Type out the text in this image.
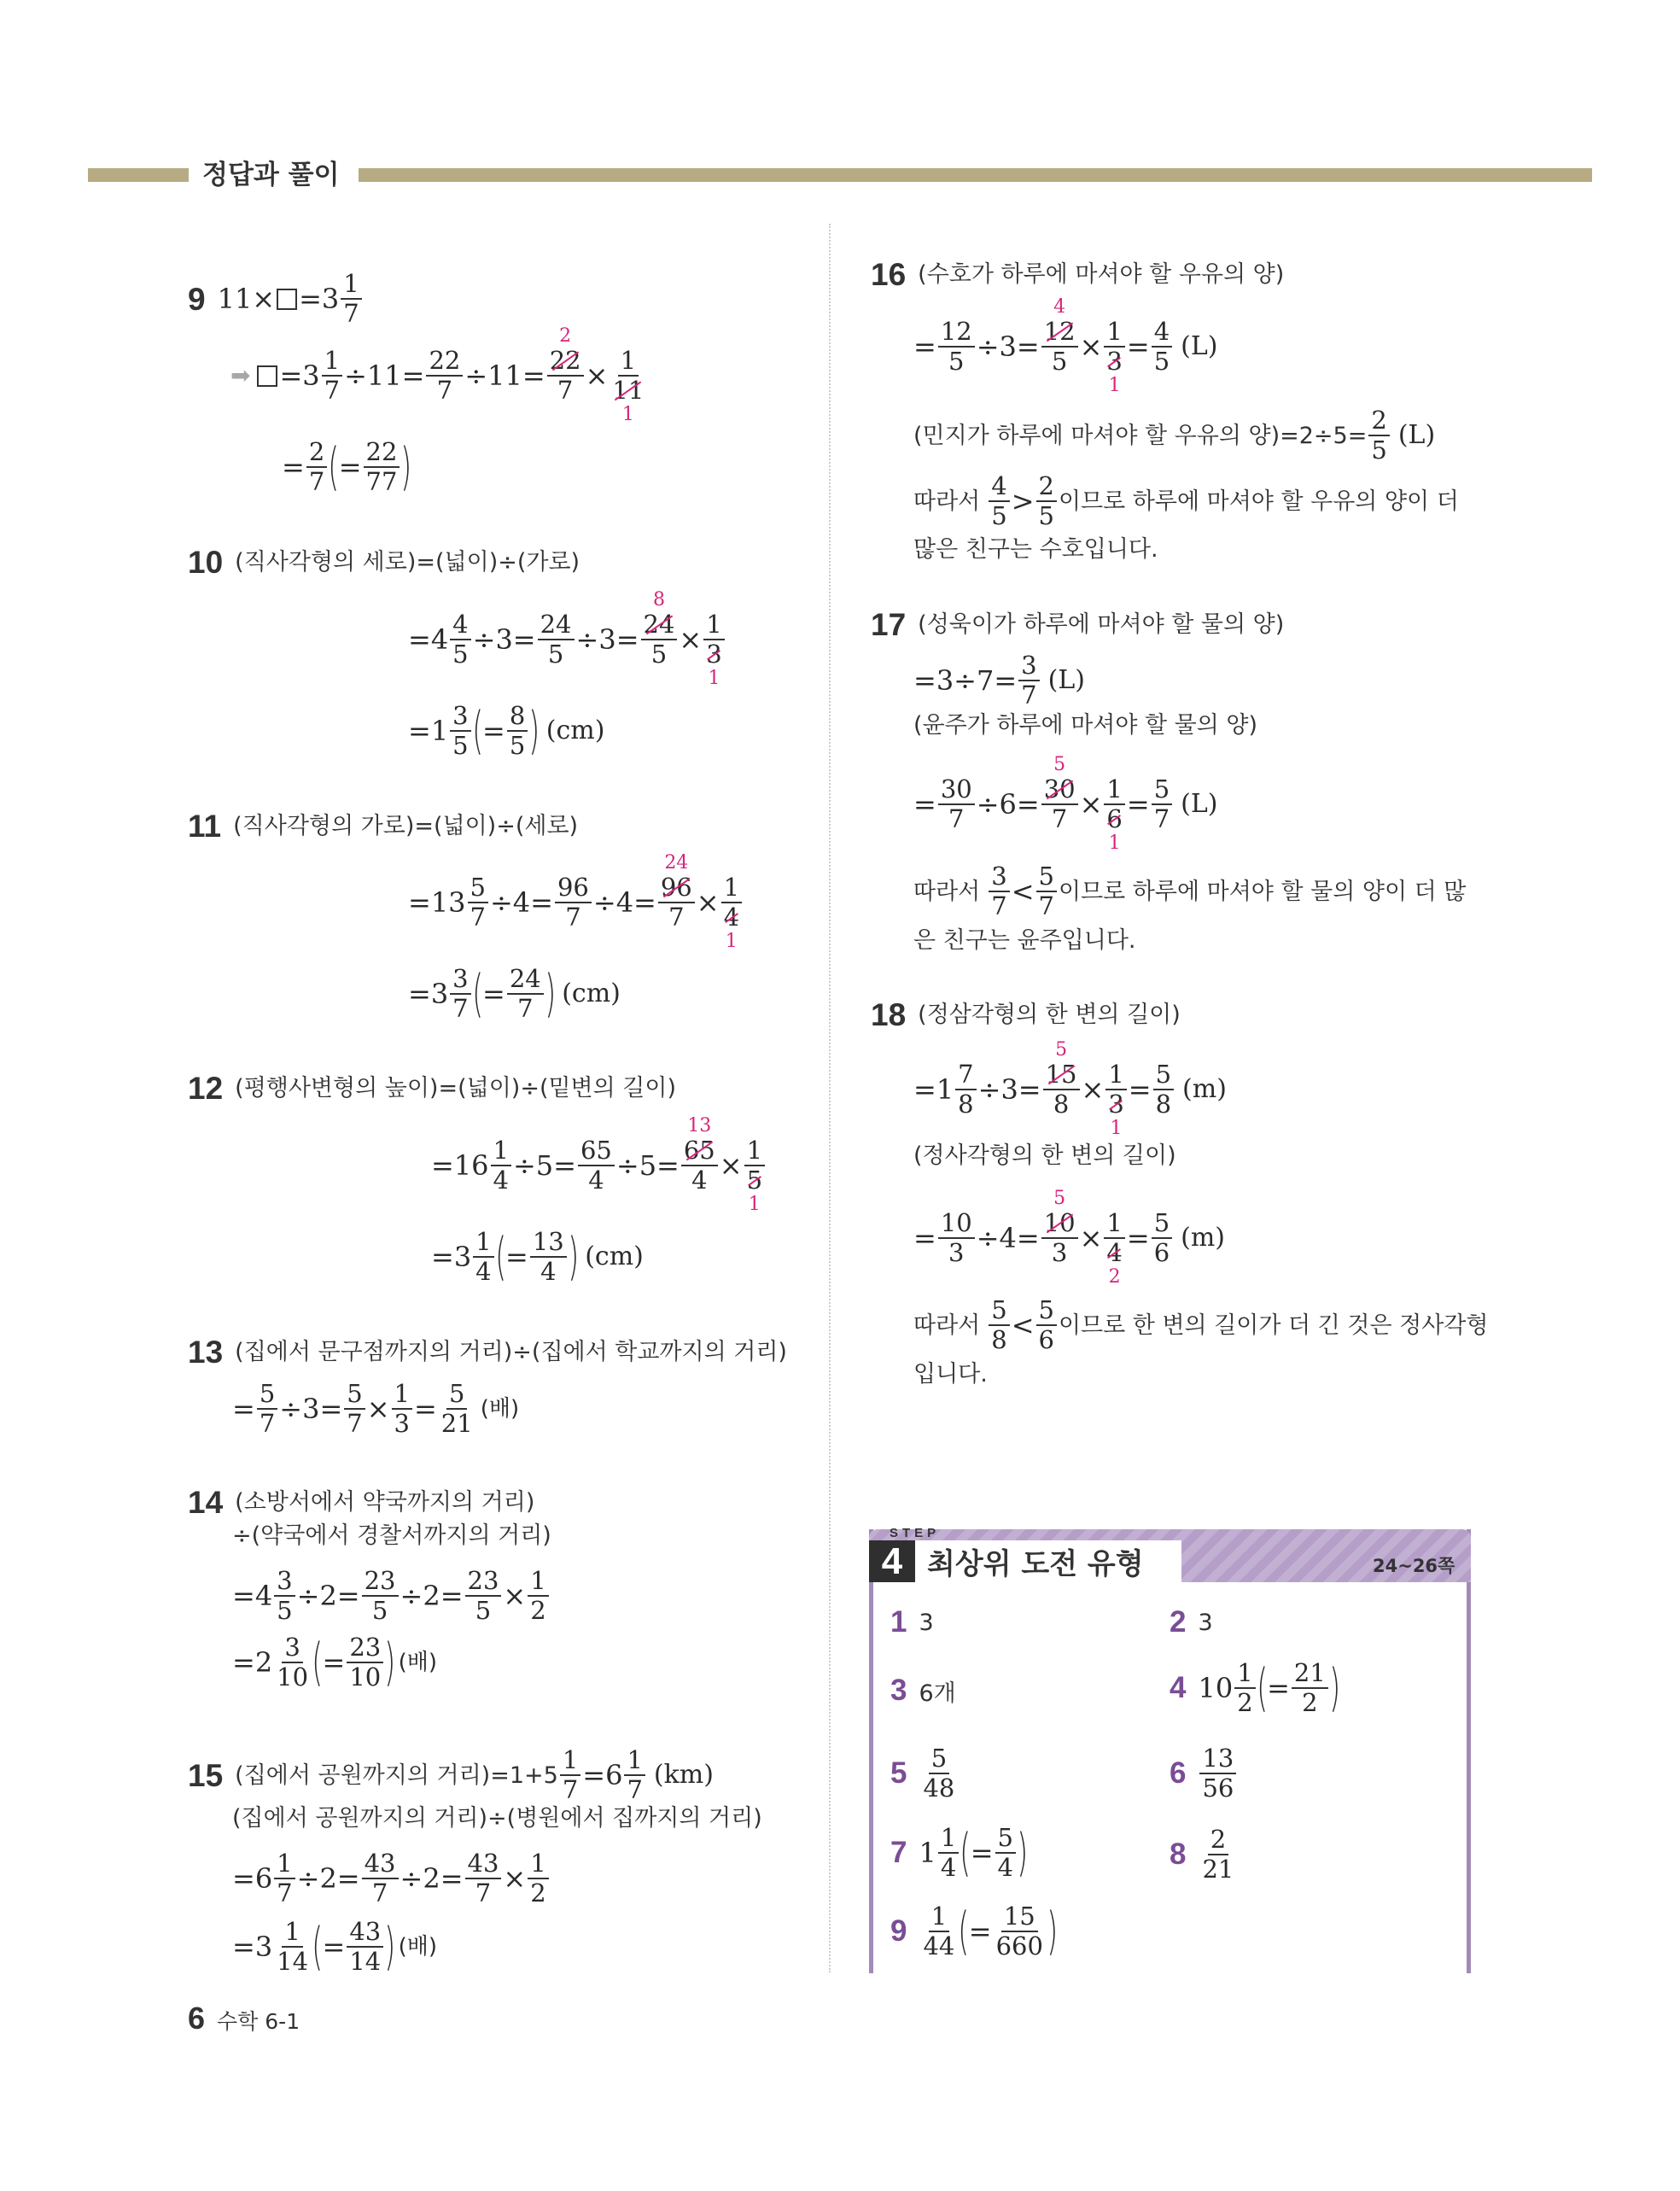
정답과 풀이
9 $11\times =3 \frac{1}{7}$
➡ $=3 \frac{1}{7} \div 11= \frac{22}{7} \div 11= 22$
2
7 × 1
11
1
= $\frac{2}{7}$ ( = $\frac{22}{77}$ )
10 (직사각형의 세로)=(넓이)÷(가로)
$=4 \frac{4}{5} \div 3= \frac{24}{5} \div 3= 24$
8
5 × 1
3
1
$=1 \frac{3}{5}$ ( = $\frac{8}{5}$ ) (cm)
11 (직사각형의 가로)=(넓이)÷(세로)
$=13 \frac{5}{7} \div 4= \frac{96}{7} \div 4= 96$
24
7 × 1
4
1
$=3 \frac{3}{7}$ ( = $\frac{24}{7}$ ) (cm)
12 (평행사변형의 높이)=(넓이)÷(밑변의 길이)
$=16 \frac{1}{4} \div 5= \frac{65}{4} \div 5= 65$
13
4 × 1
5
1
$=3 \frac{1}{4}$ ( = $\frac{13}{4}$ ) (cm)
13 (집에서 문구점까지의 거리)÷(집에서 학교까지의 거리)
= $\frac{5}{7} \div 3= \frac{5}{7} \times \frac{1}{3} = \frac{5}{21}$ (배)
14 (소방서에서 약국까지의 거리)
÷(약국에서 경찰서까지의 거리)
$=4 \frac{3}{5} \div 2= \frac{23}{5} \div 2= \frac{23}{5} \times \frac{1}{2}$
$=2 \frac{3}{10}$ ( = $\frac{23}{10}$ ) (배)
15 (집에서 공원까지의 거리)$=1+5 \frac{1}{7} =6 \frac{1}{7} (km)$
(집에서 공원까지의 거리)÷(병원에서 집까지의 거리)
$=6 \frac{1}{7} \div 2= \frac{43}{7} \div 2= \frac{43}{7} \times \frac{1}{2}$
$=3 \frac{1}{14}$ ( = $\frac{43}{14}$ ) (배)
16 (수호가 하루에 마셔야 할 우유의 양)
= $\frac{12}{5} \div 3= 12$
4
5 × 1
3
$1 = \frac{4}{5} (L)$
(민지가 하루에 마셔야 할 우유의 양)$=2\div 5= \frac{2}{5} (L)$
따라서 $\frac{4}{5} > \frac{2}{5}$ 이므로 하루에 마셔야 할 우유의 양이 더
많은 친구는 수호입니다.
17 (성욱이가 하루에 마셔야 할 물의 양)
$=3\div 7= \frac{3}{7} (L)$
(윤주가 하루에 마셔야 할 물의 양)
= $\frac{30}{7} \div 6= 30$
5
7 × 1
6
$1 = \frac{5}{7} (L)$
따라서 $\frac{3}{7} < \frac{5}{7}$ 이므로 하루에 마셔야 할 물의 양이 더 많
은 친구는 윤주입니다.
18 (정삼각형의 한 변의 길이)
$=1 \frac{7}{8} \div 3= 15$
5
8 × 1
3
$1 = \frac{5}{8} (m)$
(정사각형의 한 변의 길이)
= $\frac{10}{3} \div 4= 10$
5
3 × 1
4
$2 = \frac{5}{6} (m)$
따라서 $\frac{5}{8} < \frac{5}{6}$ 이므로 한 변의 길이가 더 긴 것은 정사각형
입니다.
STEP
4 최상위 도전 유형	24~26쪽
1 3	2 3
3 6개	4 $10 \frac{1}{2}$ ( = $\frac{21}{2}$ )
$5 \frac{5}{48}$	$6 \frac{13}{56}$
7 $1 \frac{1}{4}$ ( = $\frac{5}{4}$ )	$8 \frac{2}{21}$
$9 \frac{1}{44}$ ( = $\frac{15}{660}$ )
6 수학 6-1
